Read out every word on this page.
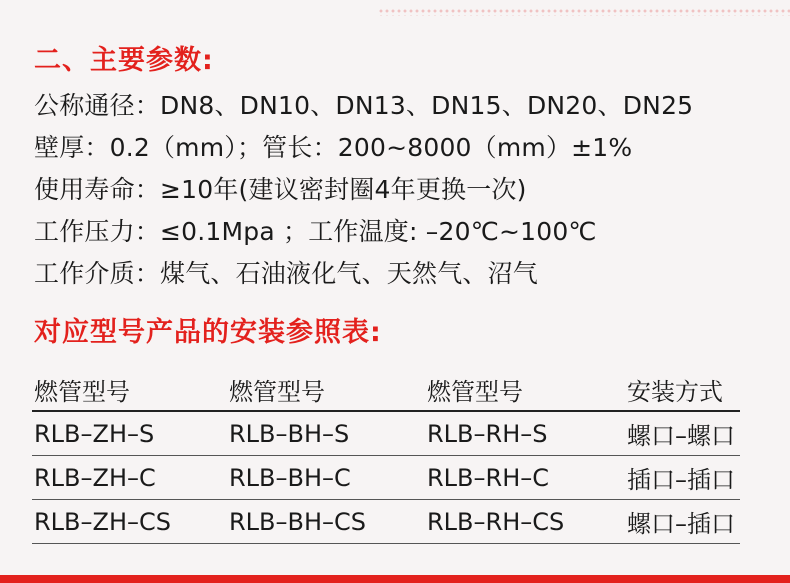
二、主要参数:
公称通径：DN8、DN10、DN13、DN15、DN20、DN25
壁厚：0.2（mm）；管长：200~8000（mm）±1%
使用寿命：≥10年(建议密封圈4年更换一次)
工作压力：≤0.1Mpa ；工作温度: –20℃~100℃
工作介质：煤气、石油液化气、天然气、沼气
对应型号产品的安装参照表:
燃管型号	燃管型号	燃管型号	安装方式
RLB–ZH–S	RLB–BH–S	RLB–RH–S	螺口–螺口
RLB–ZH–C	RLB–BH–C	RLB–RH–C	插口–插口
RLB–ZH–CS	RLB–BH–CS	RLB–RH–CS	螺口–插口
